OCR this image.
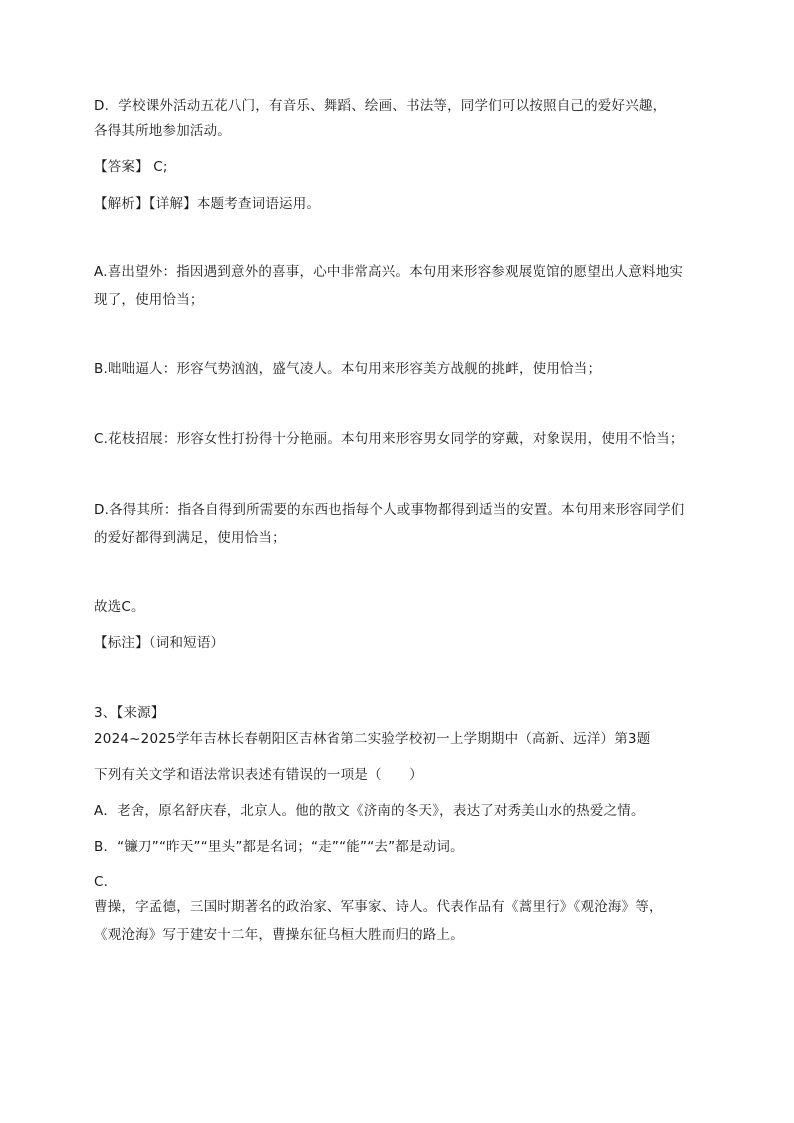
D．学校课外活动五花八门，有音乐、舞蹈、绘画、书法等，同学们可以按照自己的爱好兴趣，
各得其所地参加活动。
【答案】 C;
【解析】【详解】本题考查词语运用。
A.喜出望外：指因遇到意外的喜事，心中非常高兴。本句用来形容参观展览馆的愿望出人意料地实
现了，使用恰当；
B.咄咄逼人：形容气势汹汹，盛气凌人。本句用来形容美方战舰的挑衅，使用恰当；
C.花枝招展：形容女性打扮得十分艳丽。本句用来形容男女同学的穿戴，对象误用，使用不恰当；
D.各得其所：指各自得到所需要的东西也指每个人或事物都得到适当的安置。本句用来形容同学们
的爱好都得到满足，使用恰当；
故选C。
【标注】（词和短语）
3、【来源】
2024~2025学年吉林长春朝阳区吉林省第二实验学校初一上学期期中（高新、远洋）第3题
下列有关文学和语法常识表述有错误的一项是（　　）
A．老舍，原名舒庆春，北京人。他的散文《济南的冬天》，表达了对秀美山水的热爱之情。
B．“镰刀”“昨天”“里头”都是名词；“走”“能”“去”都是动词。
C．
曹操，字孟德，三国时期著名的政治家、军事家、诗人。代表作品有《蒿里行》《观沧海》等，
《观沧海》写于建安十二年，曹操东征乌桓大胜而归的路上。
